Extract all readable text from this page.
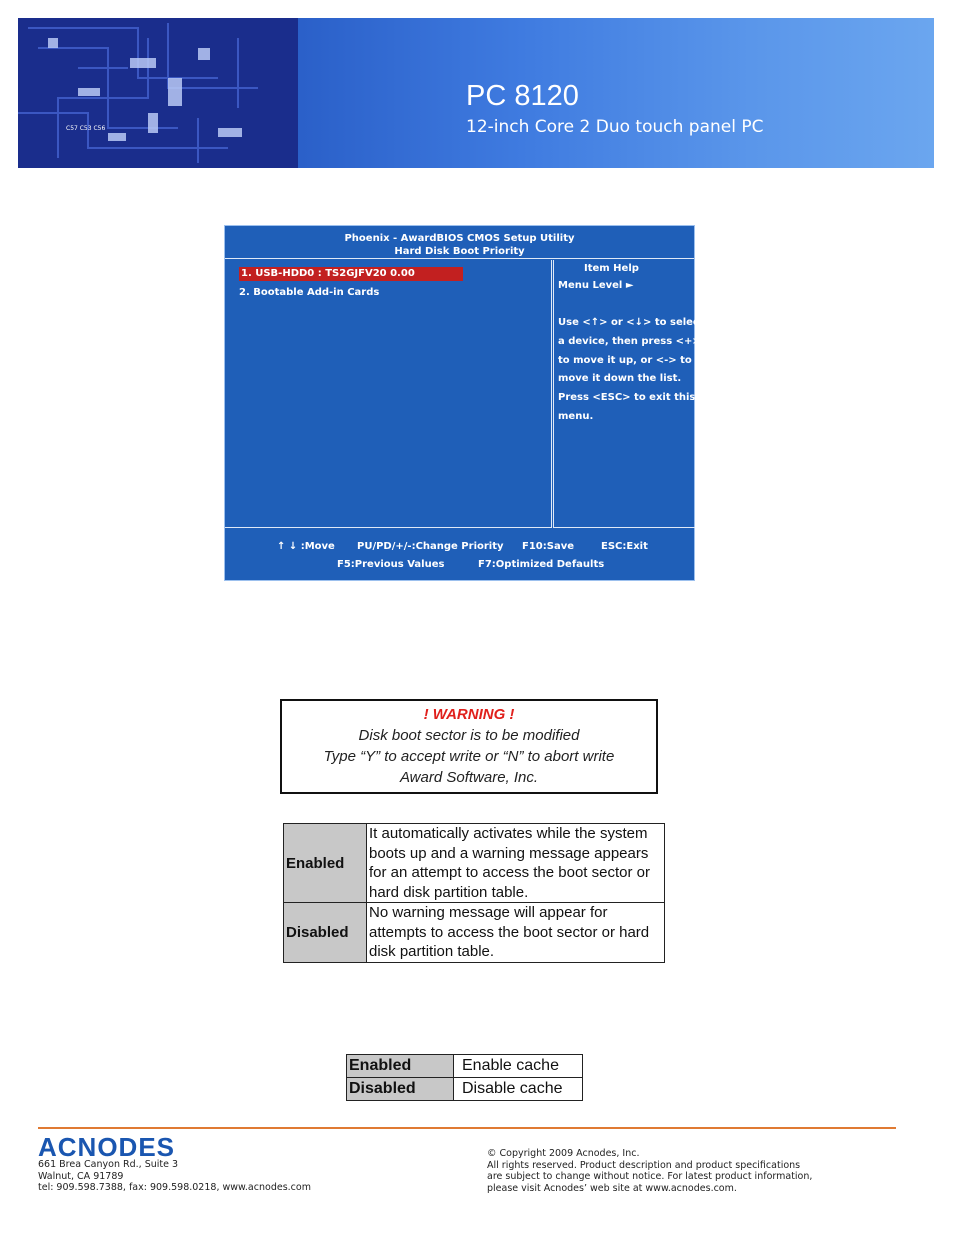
C57 C53 C56
PC 8120
12-inch Core 2 Duo touch panel PC
Phoenix - AwardBIOS CMOS Setup Utility
Hard Disk Boot Priority
1. USB-HDD0 : TS2GJFV20 0.00
2. Bootable Add-in Cards
Item Help
Menu Level ►
Use <↑> or <↓> to select
a device, then press <+>
to move it up, or <-> to
move it down the list.
Press <ESC> to exit this
menu.
↑ ↓ :Move PU/PD/+/-:Change Priority F10:Save	ESC:Exit
F5:Previous Values	F7:Optimized Defaults
! WARNING !
Disk boot sector is to be modified
Type “Y” to accept write or “N” to abort write
Award Software, Inc.
Enabled	It automatically activates while the system boots up and a warning message appears for an attempt to access the boot sector or hard disk partition table.
Disabled	No warning message will appear for attempts to access the boot sector or hard disk partition table.
Enabled	Enable cache
Disabled	Disable cache
ACNODES
661 Brea Canyon Rd., Suite 3
Walnut, CA 91789
tel: 909.598.7388, fax: 909.598.0218, www.acnodes.com
© Copyright 2009 Acnodes, Inc.
All rights reserved. Product description and product specifications
are subject to change without notice. For latest product information,
please visit Acnodes’ web site at www.acnodes.com.
